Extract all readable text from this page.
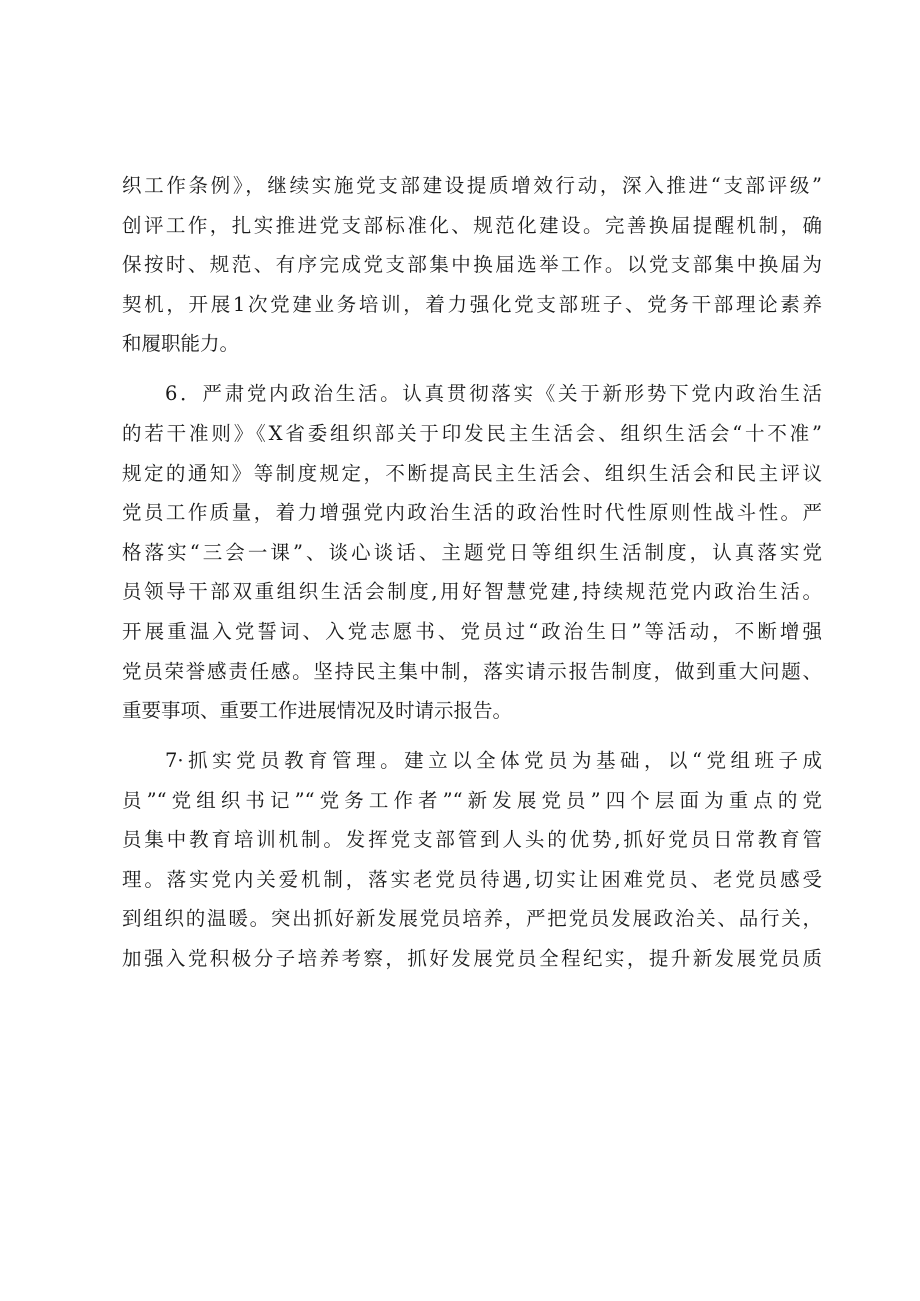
织工作条例》，继续实施党支部建设提质增效行动，深入推进“支部评级”
创评工作，扎实推进党支部标准化、规范化建设。完善换届提醒机制，确
保按时、规范、有序完成党支部集中换届选举工作。以党支部集中换届为
契机，开展1次党建业务培训，着力强化党支部班子、党务干部理论素养
和履职能力。
6．严肃党内政治生活。认真贯彻落实《关于新形势下党内政治生活
的若干准则》《X省委组织部关于印发民主生活会、组织生活会“十不准”
规定的通知》等制度规定，不断提高民主生活会、组织生活会和民主评议
党员工作质量，着力增强党内政治生活的政治性时代性原则性战斗性。严
格落实“三会一课”、谈心谈话、主题党日等组织生活制度，认真落实党
员领导干部双重组织生活会制度,用好智慧党建,持续规范党内政治生活。
开展重温入党誓词、入党志愿书、党员过“政治生日”等活动，不断增强
党员荣誉感责任感。坚持民主集中制，落实请示报告制度，做到重大问题、
重要事项、重要工作进展情况及时请示报告。
7·抓实党员教育管理。建立以全体党员为基础，以“党组班子成
员”“党组织书记”“党务工作者”“新发展党员”四个层面为重点的党
员集中教育培训机制。发挥党支部管到人头的优势,抓好党员日常教育管
理。落实党内关爱机制，落实老党员待遇,切实让困难党员、老党员感受
到组织的温暖。突出抓好新发展党员培养，严把党员发展政治关、品行关，
加强入党积极分子培养考察，抓好发展党员全程纪实，提升新发展党员质
